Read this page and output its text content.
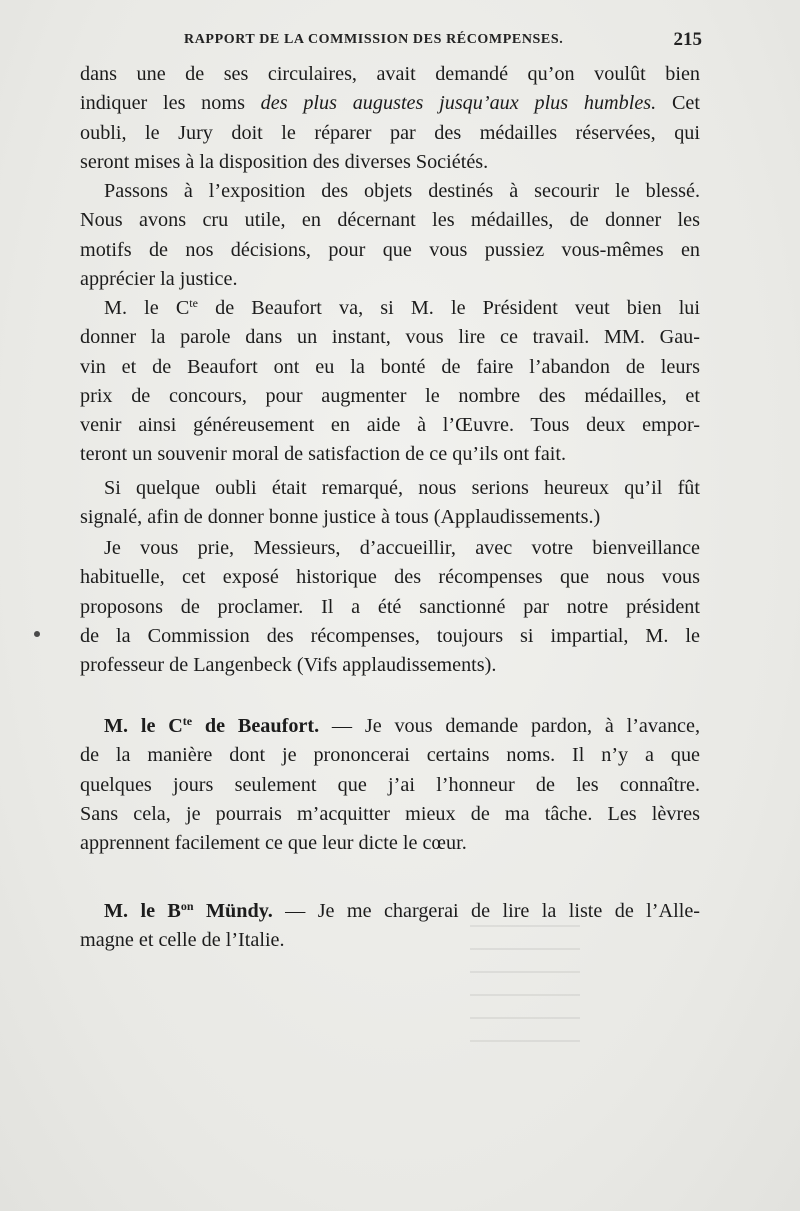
RAPPORT DE LA COMMISSION DES RÉCOMPENSES.	215
dans une de ses circulaires, avait demandé qu’on voulût bien
indiquer les noms des plus augustes jusqu’aux plus humbles. Cet
oubli, le Jury doit le réparer par des médailles réservées, qui
seront mises à la disposition des diverses Sociétés.
Passons à l’exposition des objets destinés à secourir le blessé.
Nous avons cru utile, en décernant les médailles, de donner les
motifs de nos décisions, pour que vous pussiez vous-mêmes en
apprécier la justice.
M. le $C^{te}$ de Beaufort va, si M. le Président veut bien lui
donner la parole dans un instant, vous lire ce travail. MM. Gau-
vin et de Beaufort ont eu la bonté de faire l’abandon de leurs
prix de concours, pour augmenter le nombre des médailles, et
venir ainsi généreusement en aide à l’Œuvre. Tous deux empor-
teront un souvenir moral de satisfaction de ce qu’ils ont fait.
Si quelque oubli était remarqué, nous serions heureux qu’il fût
signalé, afin de donner bonne justice à tous (Applaudissements.)
Je vous prie, Messieurs, d’accueillir, avec votre bienveillance
habituelle, cet exposé historique des récompenses que nous vous
proposons de proclamer. Il a été sanctionné par notre président
de la Commission des récompenses, toujours si impartial, M. le
professeur de Langenbeck (Vifs applaudissements).
M. le $C^{te}$ de Beaufort. — Je vous demande pardon, à l’avance,
de la manière dont je prononcerai certains noms. Il n’y a que
quelques jours seulement que j’ai l’honneur de les connaître.
Sans cela, je pourrais m’acquitter mieux de ma tâche. Les lèvres
apprennent facilement ce que leur dicte le cœur.
M. le $B^{on}$ Mündy. — Je me chargerai de lire la liste de l’Alle-
magne et celle de l’Italie.
